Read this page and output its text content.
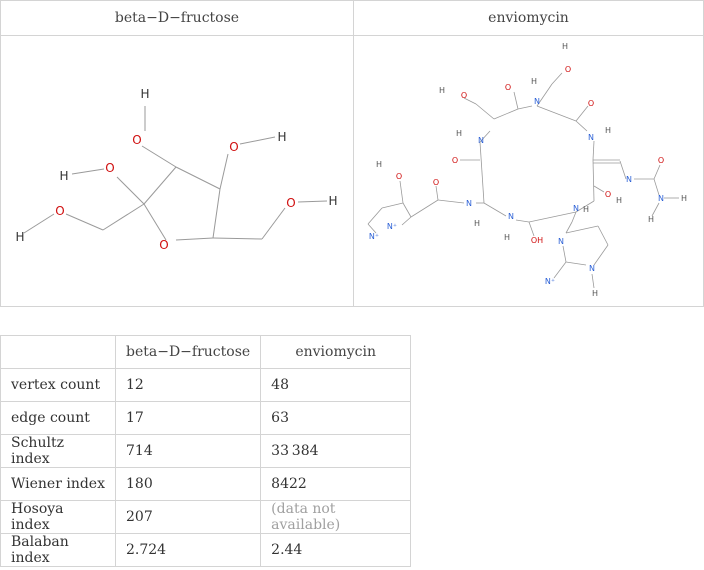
beta−D−fructose	enviomycin
O
O
H
O
H
O
H
O
H
O	H
N
N
N
N
N
N
N
N
N
N
N⁺
N⁺
N⁺
O
O
O
O
O	O
O
O
O
OH
H
H
H
H
H
H
H
H
H
H
H
H
H
	beta−D−fructose	enviomycin
vertex count	12	48
edge count	17	63
Schultz index	714	33 384
Wiener index	180	8422
Hosoya index	207	(data not available)
Balaban index	2.724	2.44
